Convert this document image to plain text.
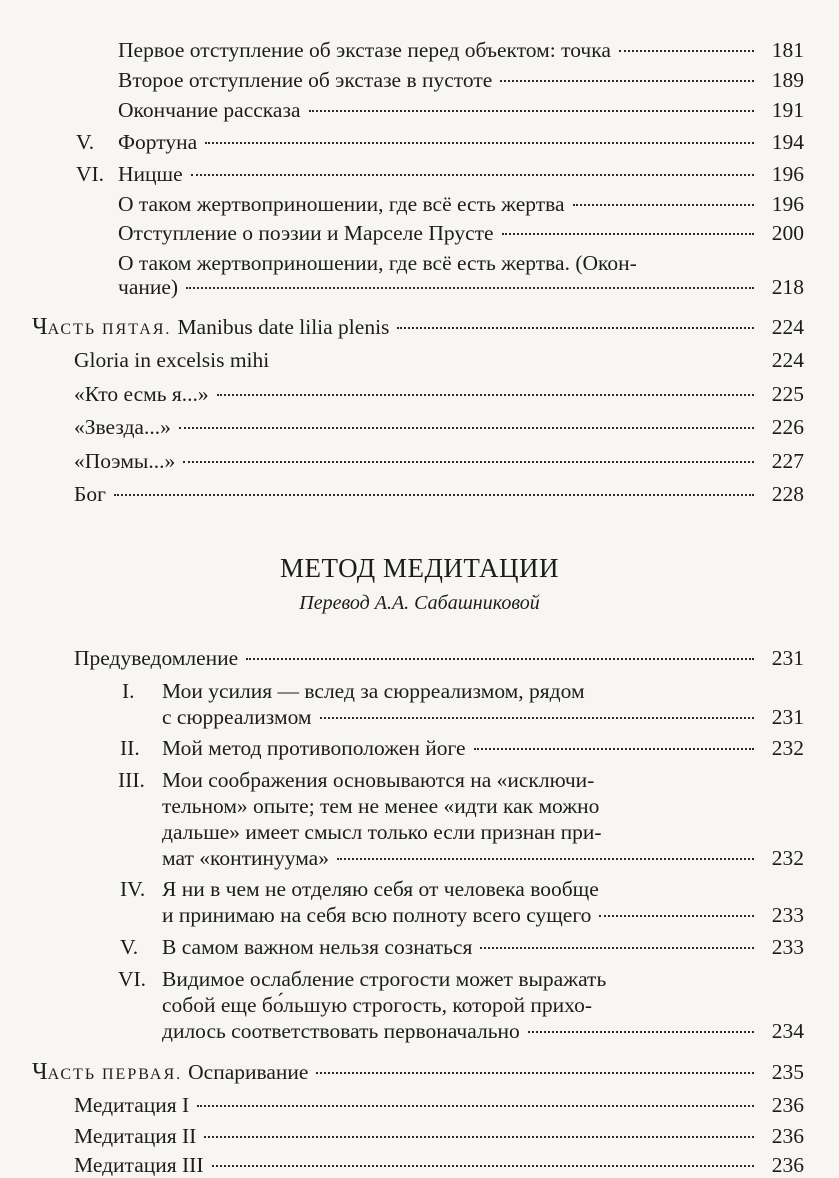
Первое отступление об экстазе перед объектом: точка	181
Второе отступление об экстазе в пустоте	189
Окончание рассказа	191
V.	Фортуна	194
VI. Ницше	196
О таком жертвоприношении, где всё есть жертва	196
Отступление о поэзии и Марселе Прусте	200
О таком жертвоприношении, где всё есть жертва. (Окон-
чание)	218
ЧАСТЬ ПЯТАЯ. Manibus date lilia plenis	224
Gloria in excelsis mihi	224
«Кто есмь я...»	225
«Звезда...»	226
«Поэмы...»	227
Бог	228
МЕТОД МЕДИТАЦИИ
Перевод А.А. Сабашниковой
Предуведомление	231
I. Мои усилия — вслед за сюрреализмом, рядом
с сюрреализмом	231
II. Мой метод противоположен йоге	232
III. Мои соображения основываются на «исключи-
тельном» опыте; тем не менее «идти как можно
дальше» имеет смысл только если признан при-
мат «континуума»	232
IV. Я ни в чем не отделяю себя от человека вообще
и принимаю на себя всю полноту всего сущего	233
V. В самом важном нельзя сознаться	233
VI. Видимое ослабление строгости может выражать
собой еще бо́льшую строгость, которой прихо-
дилось соответствовать первоначально	234
ЧАСТЬ ПЕРВАЯ. Оспаривание	235
Медитация I	236
Медитация II	236
Медитация III	236
